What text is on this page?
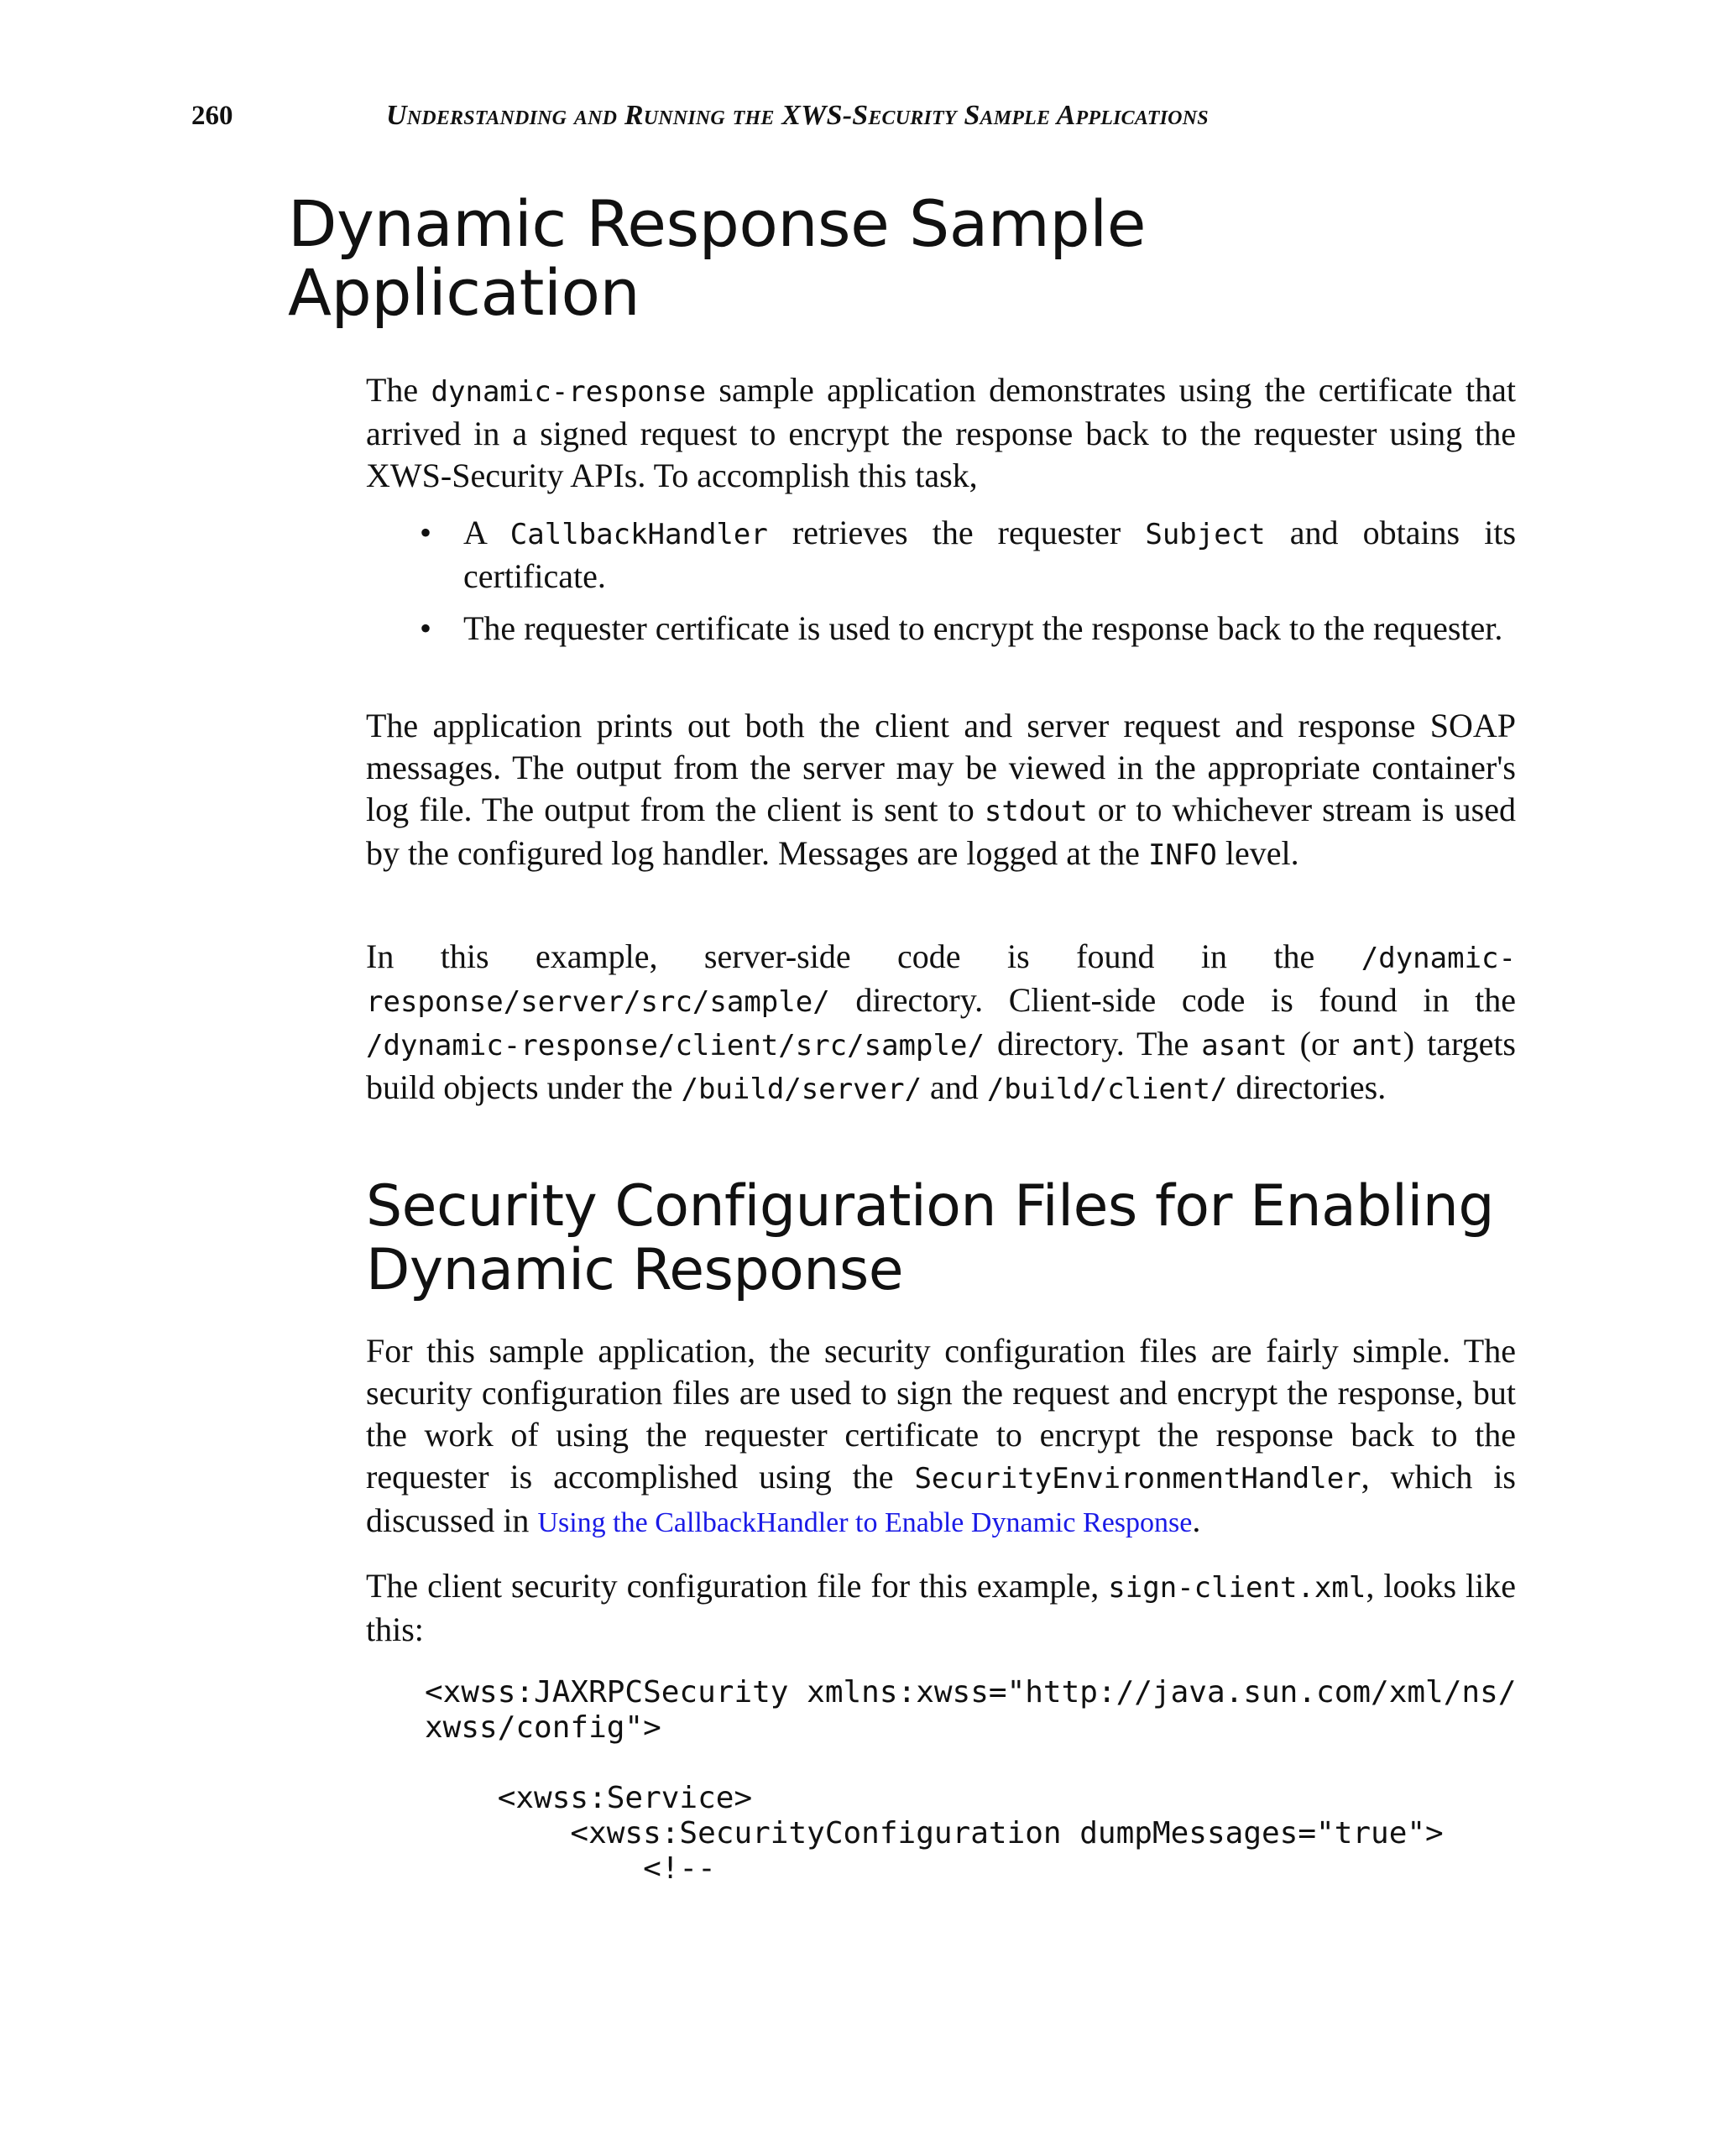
260	Understanding and Running the XWS-Security Sample Applications
Dynamic Response Sample Application

The dynamic-response sample application demonstrates using the certificate that arrived in a signed request to encrypt the response back to the requester using the XWS-Security APIs. To accomplish this task,

• A CallbackHandler retrieves the requester Subject and obtains its certificate.
• The requester certificate is used to encrypt the response back to the requester.

The application prints out both the client and server request and response SOAP messages. The output from the server may be viewed in the appropriate container's log file. The output from the client is sent to stdout or to whichever stream is used by the configured log handler. Messages are logged at the INFO level.

In this example, server-side code is found in the /dynamic-response/server/src/sample/ directory. Client-side code is found in the /dynamic-response/client/src/sample/ directory. The asant (or ant) targets build objects under the /build/server/ and /build/client/ directories.

Security Configuration Files for Enabling Dynamic Response

For this sample application, the security configuration files are fairly simple. The security configuration files are used to sign the request and encrypt the response, but the work of using the requester certificate to encrypt the response back to the requester is accomplished using the SecurityEnvironmentHandler, which is discussed in Using the CallbackHandler to Enable Dynamic Response.

The client security configuration file for this example, sign-client.xml, looks like this:

<xwss:JAXRPCSecurity xmlns:xwss="http://java.sun.com/xml/ns/
xwss/config">

<xwss:Service>
<xwss:SecurityConfiguration dumpMessages="true">
<!--
